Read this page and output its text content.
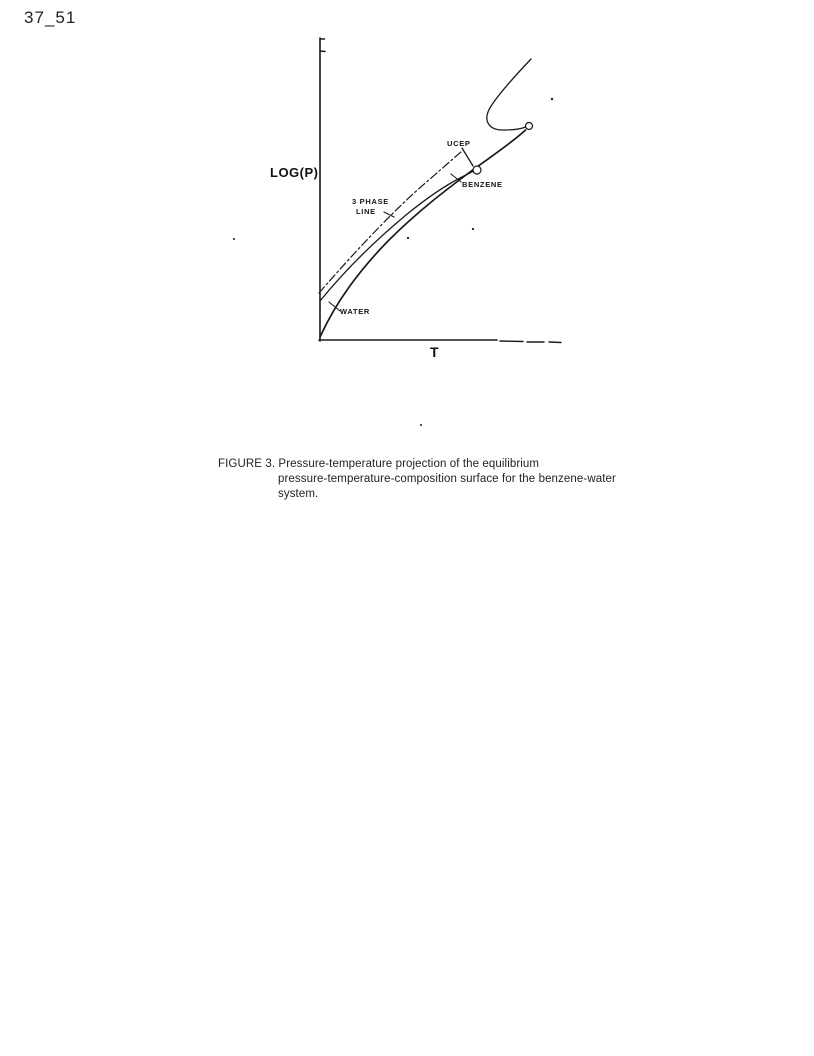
37_51
LOG(P)
T
UCEP
BENZENE
3 PHASE
LINE
WATER
FIGURE 3. Pressure-temperature projection of the equilibrium
pressure-temperature-composition surface for the benzene-water
system.
